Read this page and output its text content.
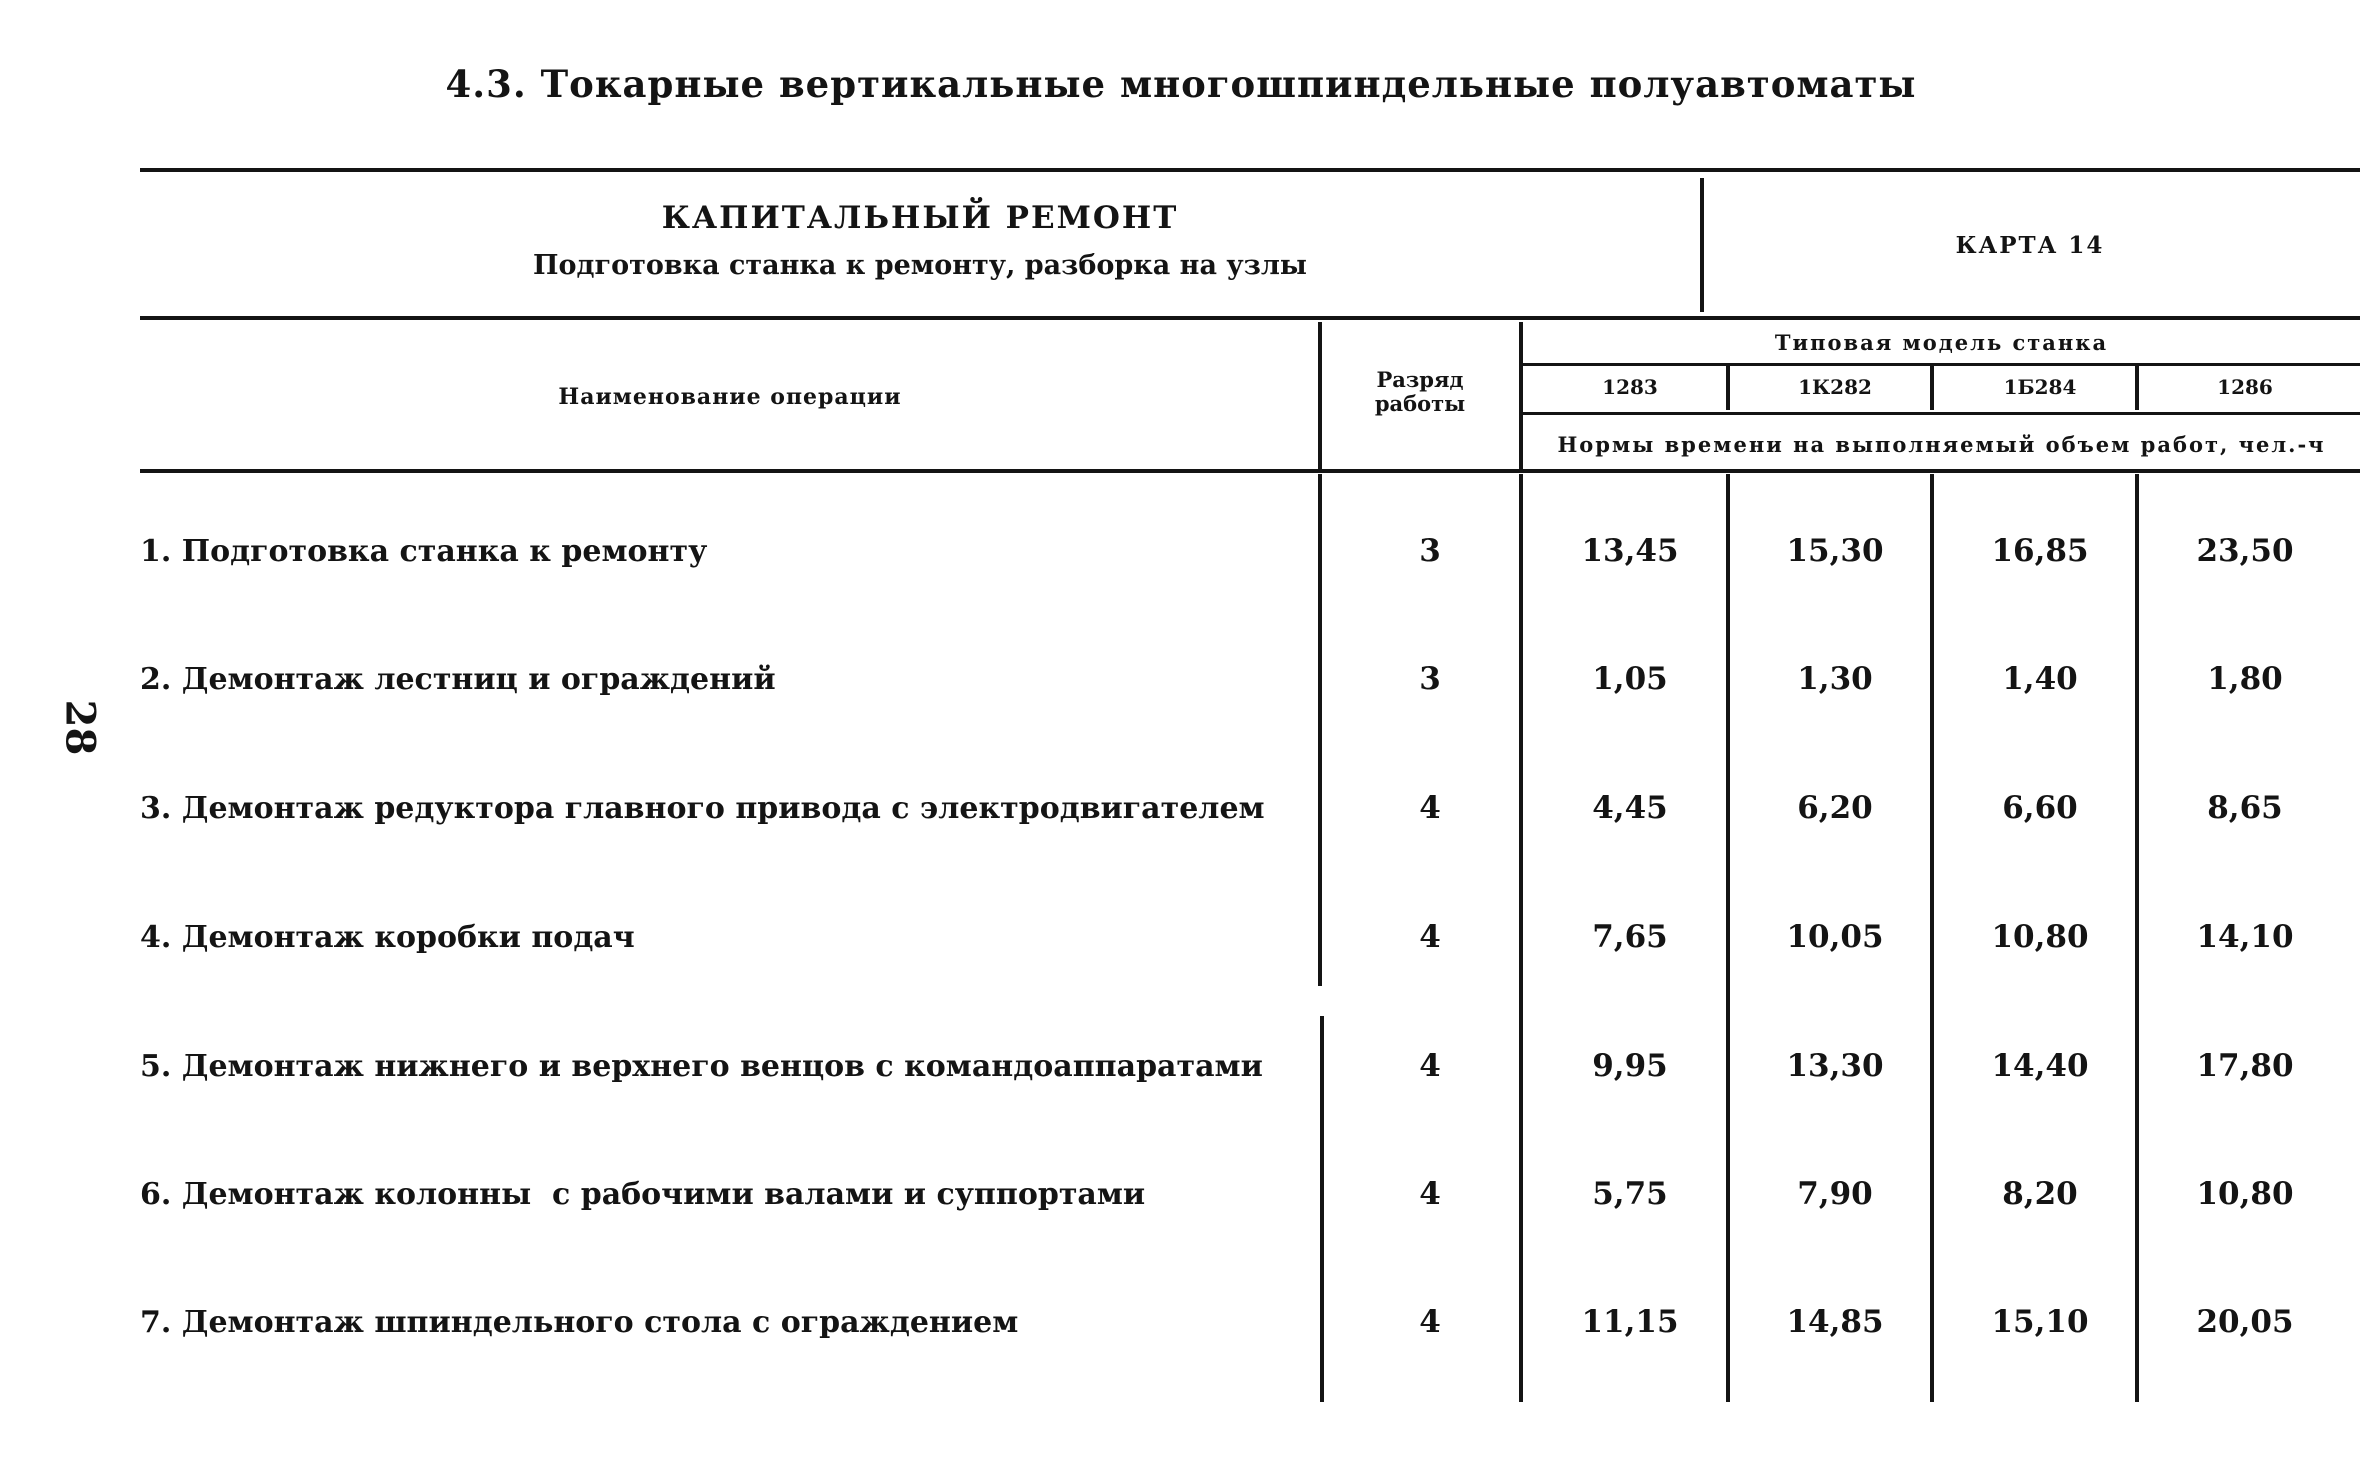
4.3. Токарные вертикальные многошпиндельные полуавтоматы
28
КАПИТАЛЬНЫЙ РЕМОНТ
Подготовка станка к ремонту, разборка на узлы
КАРТА 14
Наименование операции
Разряд
работы
Типовая модель станка
1283	1К282	1Б284	1286
Нормы времени на выполняемый объем работ, чел.-ч
1. Подготовка станка к ремонту	3	13,45	15,30	16,85	23,50
2. Демонтаж лестниц и ограждений	3	1,05	1,30	1,40	1,80
3. Демонтаж редуктора главного привода с электродвигателем	4	4,45	6,20	6,60	8,65
4. Демонтаж коробки подач	4	7,65	10,05	10,80	14,10
5. Демонтаж нижнего и верхнего венцов с командоаппаратами	4	9,95	13,30	14,40	17,80
6. Демонтаж колонны  с рабочими валами и суппортами	4	5,75	7,90	8,20	10,80
7. Демонтаж шпиндельного стола с ограждением	4	11,15	14,85	15,10	20,05
